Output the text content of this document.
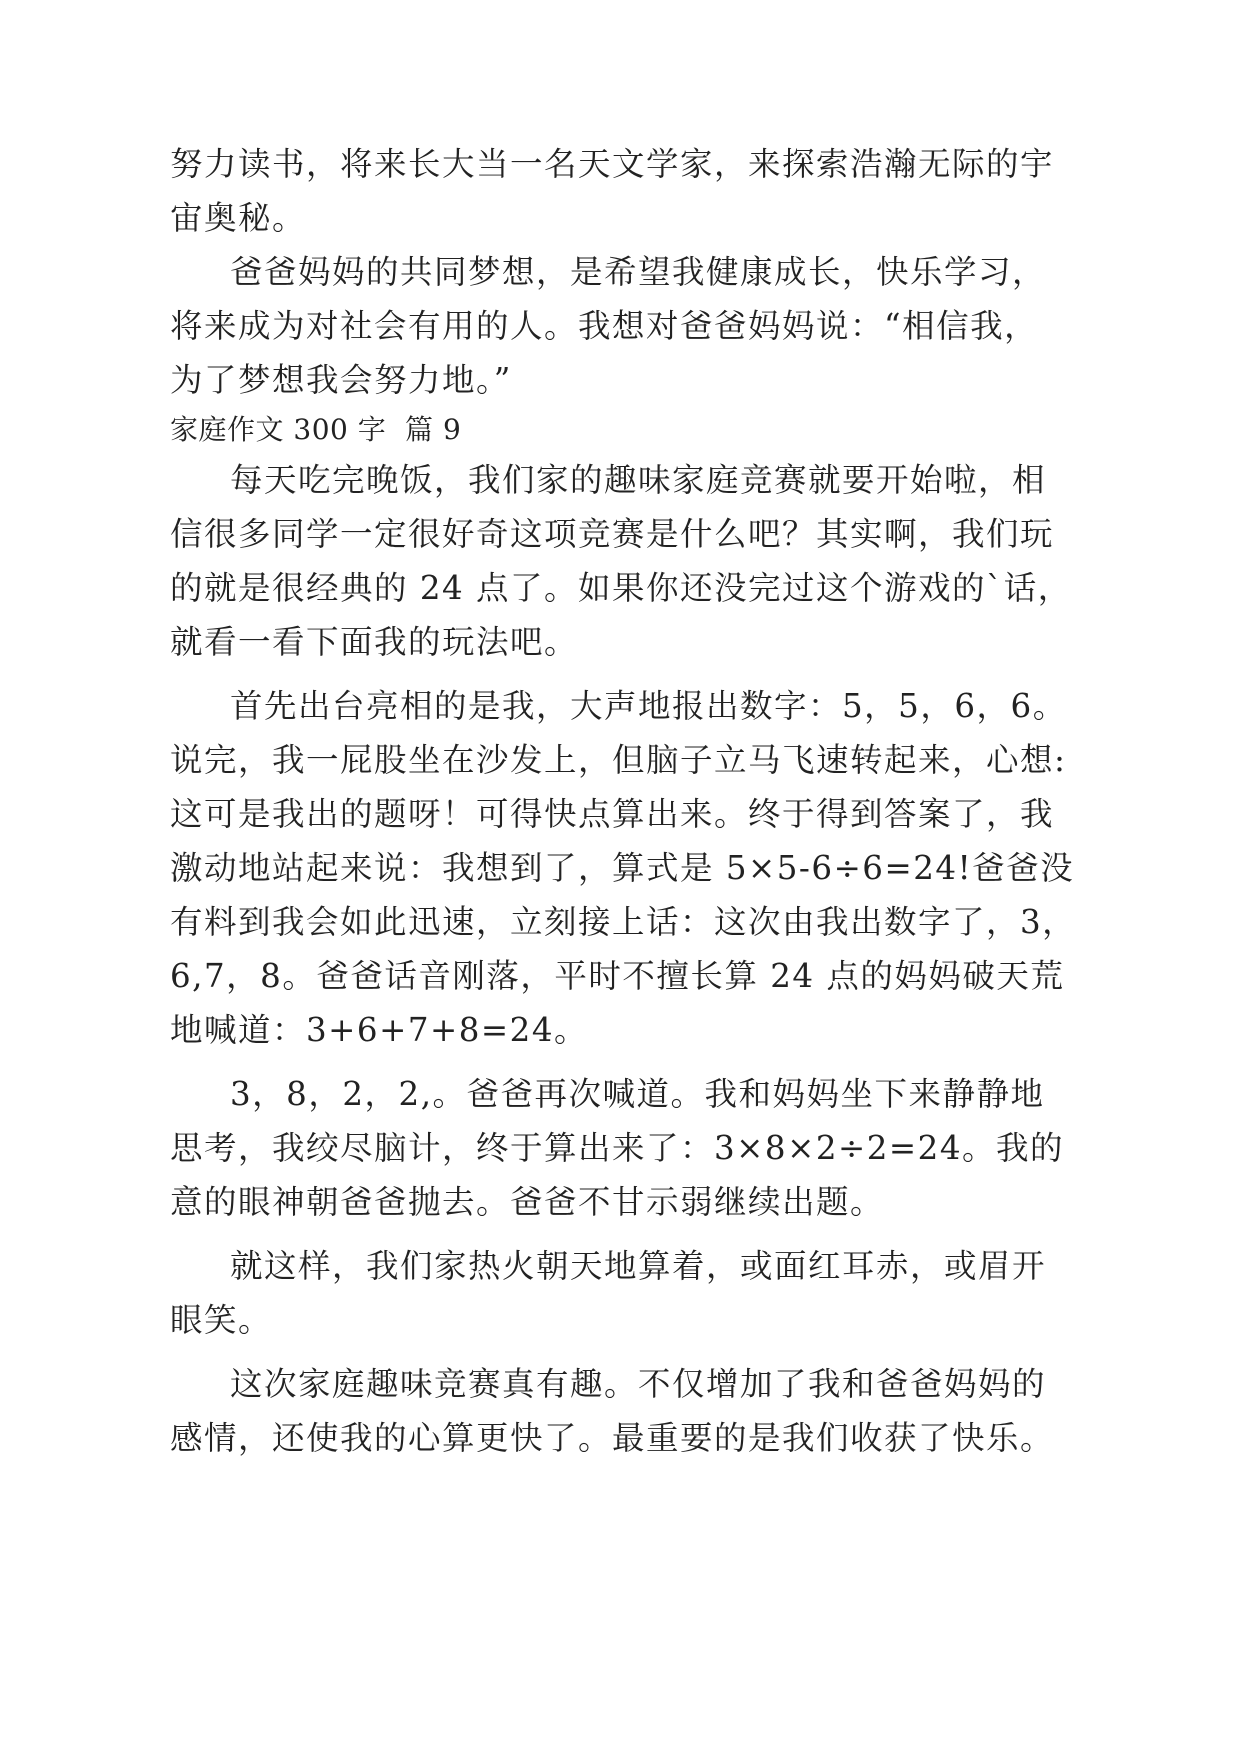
努力读书，将来长大当一名天文学家，来探索浩瀚无际的宇
宙奥秘。
爸爸妈妈的共同梦想，是希望我健康成长，快乐学习，
将来成为对社会有用的人。我想对爸爸妈妈说：“相信我，
为了梦想我会努力地。”
家庭作文 300 字  篇 9
每天吃完晚饭，我们家的趣味家庭竞赛就要开始啦，相
信很多同学一定很好奇这项竞赛是什么吧？其实啊，我们玩
的就是很经典的 24 点了。如果你还没完过这个游戏的`话，
就看一看下面我的玩法吧。
首先出台亮相的是我，大声地报出数字：5，5，6，6。
说完，我一屁股坐在沙发上，但脑子立马飞速转起来，心想:
这可是我出的题呀！可得快点算出来。终于得到答案了，我
激动地站起来说：我想到了，算式是 5×5-6÷6=24!爸爸没
有料到我会如此迅速，立刻接上话：这次由我出数字了，3，
6,7，8。爸爸话音刚落，平时不擅长算 24 点的妈妈破天荒
地喊道：3+6+7+8=24。
3，8，2，2,。爸爸再次喊道。我和妈妈坐下来静静地
思考，我绞尽脑计，终于算出来了：3×8×2÷2=24。我的
意的眼神朝爸爸抛去。爸爸不甘示弱继续出题。
就这样，我们家热火朝天地算着，或面红耳赤，或眉开
眼笑。
这次家庭趣味竞赛真有趣。不仅增加了我和爸爸妈妈的
感情，还使我的心算更快了。最重要的是我们收获了快乐。
